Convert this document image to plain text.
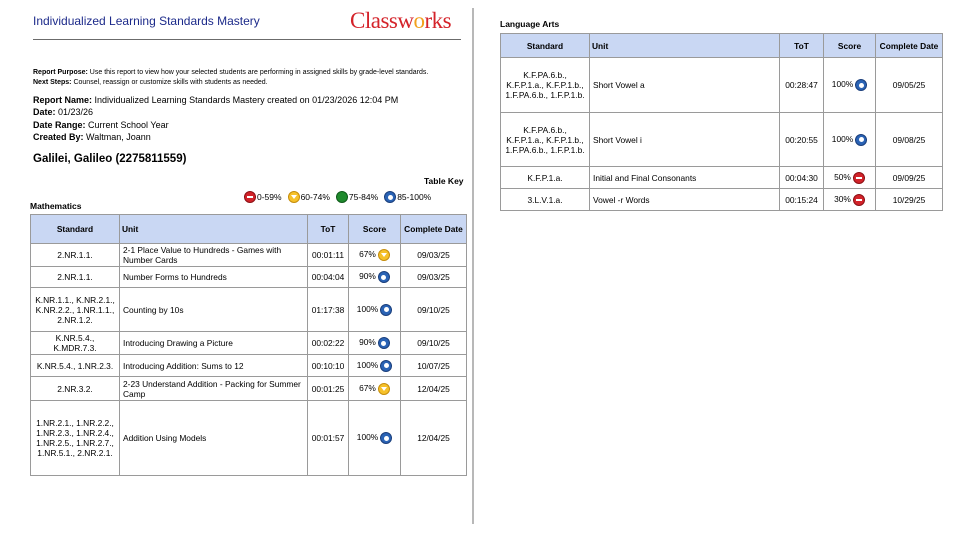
Individualized Learning Standards Mastery	Classworks
Report Purpose: Use this report to view how your selected students are performing in assigned skills by grade-level standards.
Next Steps: Counsel, reassign or customize skills with students as needed.
Report Name: Individualized Learning Standards Mastery created on 01/23/2026 12:04 PM
Date: 01/23/26
Date Range: Current School Year
Created By: Waltman, Joann
Galilei, Galileo (2275811559)
Table Key
0-59% 60-74% 75-84% 85-100%
Mathematics
Standard	Unit	ToT	Score	Complete Date
2.NR.1.1.	2-1 Place Value to Hundreds - Games with Number Cards	00:01:11	67%	09/03/25
2.NR.1.1.	Number Forms to Hundreds	00:04:04	90%	09/03/25
K.NR.1.1., K.NR.2.1., K.NR.2.2., 1.NR.1.1., 2.NR.1.2.	Counting by 10s	01:17:38	100%	09/10/25
K.NR.5.4., K.MDR.7.3.	Introducing Drawing a Picture	00:02:22	90%	09/10/25
K.NR.5.4., 1.NR.2.3.	Introducing Addition: Sums to 12	00:10:10	100%	10/07/25
2.NR.3.2.	2-23 Understand Addition - Packing for Summer Camp	00:01:25	67%	12/04/25
1.NR.2.1., 1.NR.2.2., 1.NR.2.3., 1.NR.2.4., 1.NR.2.5., 1.NR.2.7., 1.NR.5.1., 2.NR.2.1.	Addition Using Models	00:01:57	100%	12/04/25
Language Arts
Standard	Unit	ToT	Score	Complete Date
K.F.PA.6.b., K.F.P.1.a., K.F.P.1.b., 1.F.PA.6.b., 1.F.P.1.b.	Short Vowel a	00:28:47	100%	09/05/25
K.F.PA.6.b., K.F.P.1.a., K.F.P.1.b., 1.F.PA.6.b., 1.F.P.1.b.	Short Vowel i	00:20:55	100%	09/08/25
K.F.P.1.a.	Initial and Final Consonants	00:04:30	50%	09/09/25
3.L.V.1.a.	Vowel -r Words	00:15:24	30%	10/29/25
